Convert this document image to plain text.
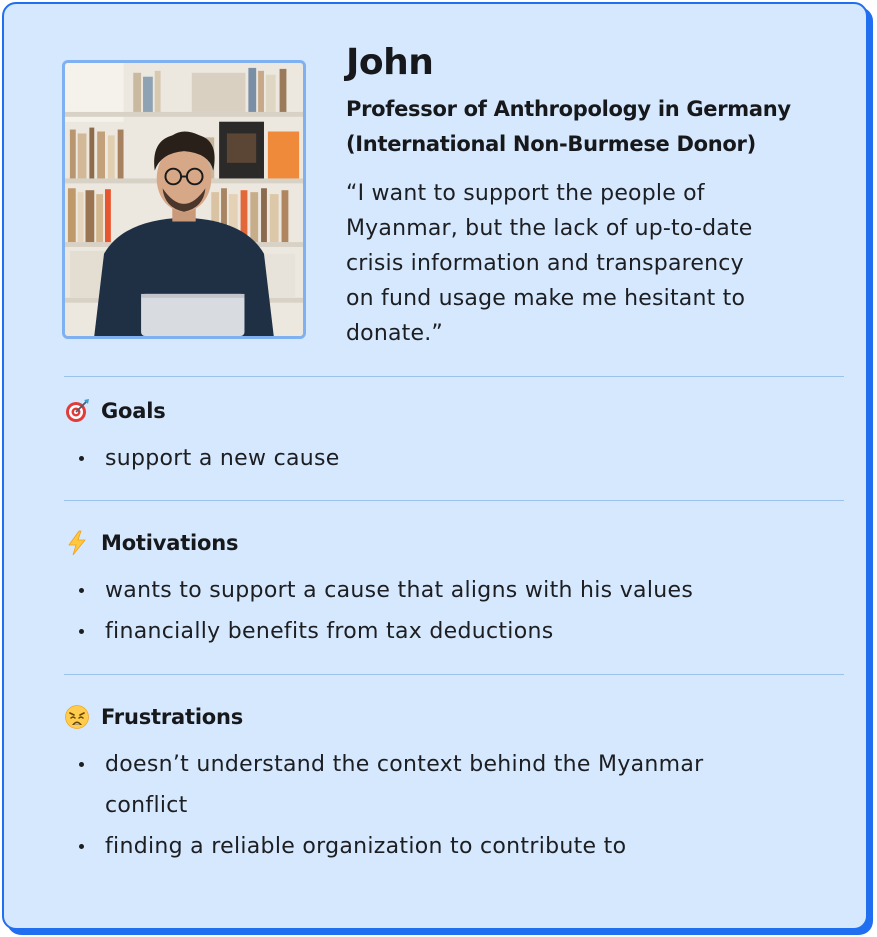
John
Professor of Anthropology in Germany
(International Non-Burmese Donor)
“I want to support the people of
Myanmar, but the lack of up-to-date
crisis information and transparency
on fund usage make me hesitant to
donate.”
Goals
support a new cause
Motivations
wants to support a cause that aligns with his values
financially benefits from tax deductions
Frustrations
doesn’t understand the context behind the Myanmar
conflict
finding a reliable organization to contribute to
